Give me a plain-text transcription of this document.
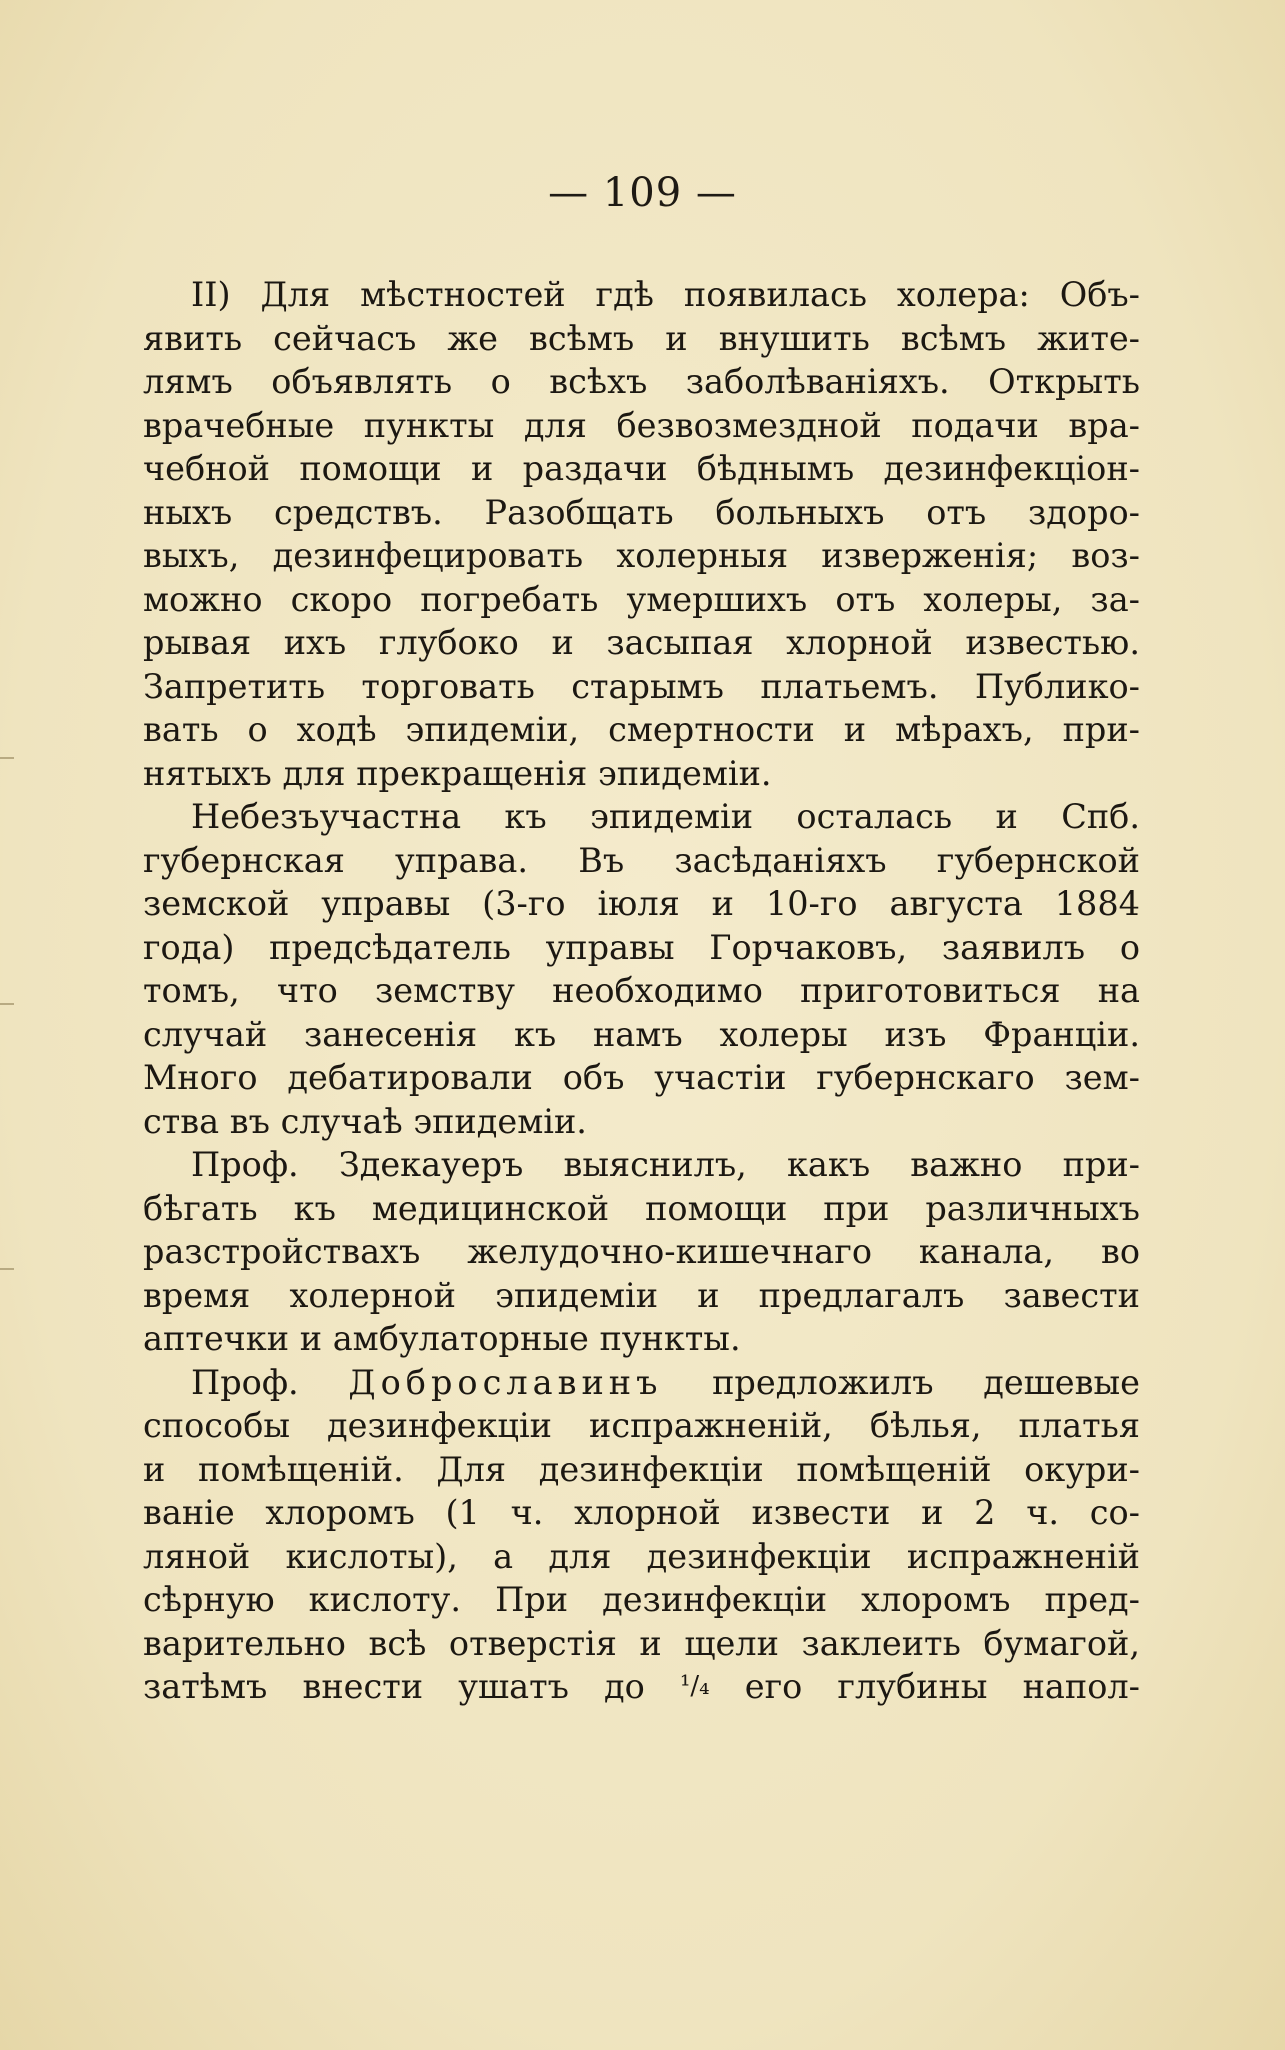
— 109 —
II) Для мѣстностей гдѣ появилась холера: Объ-
явить сейчасъ же всѣмъ и внушить всѣмъ жите-
лямъ объявлять о всѣхъ заболѣваніяхъ. Открыть
врачебные пункты для безвозмездной подачи вра-
чебной помощи и раздачи бѣднымъ дезинфекціон-
ныхъ средствъ. Разобщать больныхъ отъ здоро-
выхъ, дезинфецировать холерныя изверженія; воз-
можно скоро погребать умершихъ отъ холеры, за-
рывая ихъ глубоко и засыпая хлорной известью.
Запретить торговать старымъ платьемъ. Публико-
вать о ходѣ эпидеміи, смертности и мѣрахъ, при-
нятыхъ для прекращенія эпидеміи.
Небезъучастна къ эпидеміи осталась и Спб.
губернская управа. Въ засѣданіяхъ губернской
земской управы (3-го іюля и 10-го августа 1884
года) предсѣдатель управы Горчаковъ, заявилъ о
томъ, что земству необходимо приготовиться на
случай занесенія къ намъ холеры изъ Франціи.
Много дебатировали объ участіи губернскаго зем-
ства въ случаѣ эпидеміи.
Проф. Здекауеръ выяснилъ, какъ важно при-
бѣгать къ медицинской помощи при различныхъ
разстройствахъ желудочно-кишечнаго канала, во
время холерной эпидеміи и предлагалъ завести
аптечки и амбулаторные пункты.
Проф. Доброславинъ предложилъ дешевые
способы дезинфекціи испражненій, бѣлья, платья
и помѣщеній. Для дезинфекціи помѣщеній окури-
ваніе хлоромъ (1 ч. хлорной извести и 2 ч. со-
ляной кислоты), а для дезинфекціи испражненій
сѣрную кислоту. При дезинфекціи хлоромъ пред-
варительно всѣ отверстія и щели заклеить бумагой,
затѣмъ внести ушатъ до ¹/₄ его глубины напол-
